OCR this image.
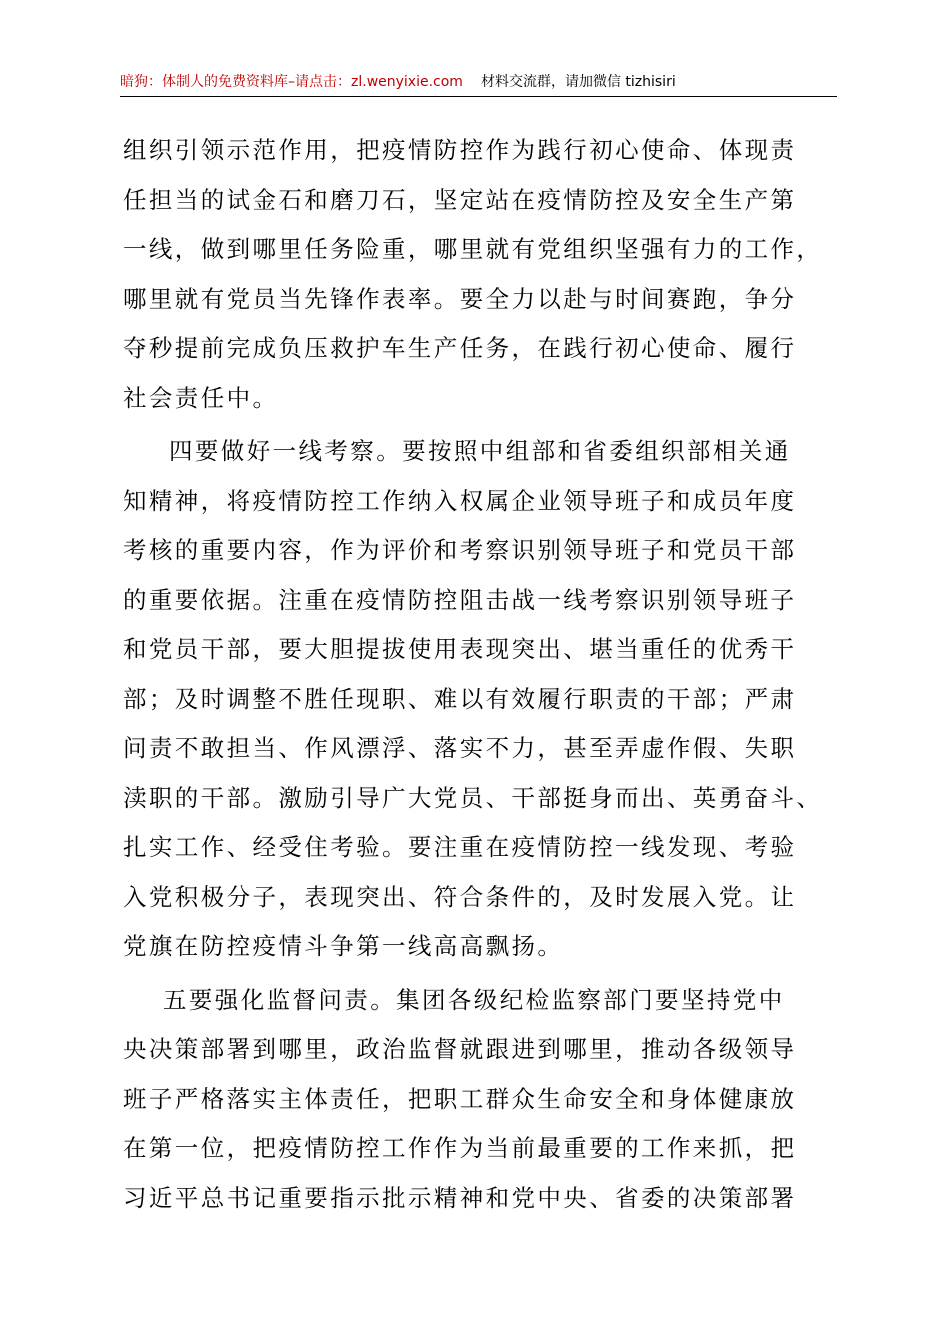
暗狗：体制人的免费资料库–请点击：zl.wenyixie.com 材料交流群，请加微信 tizhisiri
组织引领示范作用，把疫情防控作为践行初心使命、体现责
任担当的试金石和磨刀石，坚定站在疫情防控及安全生产第
一线，做到哪里任务险重，哪里就有党组织坚强有力的工作，
哪里就有党员当先锋作表率。要全力以赴与时间赛跑，争分
夺秒提前完成负压救护车生产任务，在践行初心使命、履行
社会责任中。
四要做好一线考察。要按照中组部和省委组织部相关通
知精神，将疫情防控工作纳入权属企业领导班子和成员年度
考核的重要内容，作为评价和考察识别领导班子和党员干部
的重要依据。注重在疫情防控阻击战一线考察识别领导班子
和党员干部，要大胆提拔使用表现突出、堪当重任的优秀干
部；及时调整不胜任现职、难以有效履行职责的干部；严肃
问责不敢担当、作风漂浮、落实不力，甚至弄虚作假、失职
渎职的干部。激励引导广大党员、干部挺身而出、英勇奋斗、
扎实工作、经受住考验。要注重在疫情防控一线发现、考验
入党积极分子，表现突出、符合条件的，及时发展入党。让
党旗在防控疫情斗争第一线高高飘扬。
五要强化监督问责。集团各级纪检监察部门要坚持党中
央决策部署到哪里，政治监督就跟进到哪里，推动各级领导
班子严格落实主体责任，把职工群众生命安全和身体健康放
在第一位，把疫情防控工作作为当前最重要的工作来抓，把
习近平总书记重要指示批示精神和党中央、省委的决策部署
